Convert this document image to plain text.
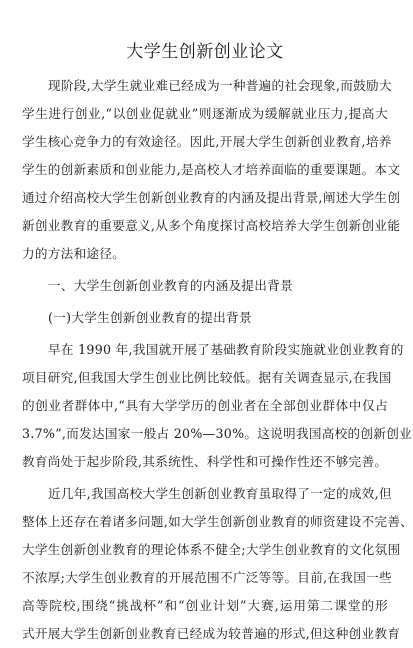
大学生创新创业论文
现阶段,大学生就业难已经成为一种普遍的社会现象,而鼓励大
学生进行创业,“以创业促就业”则逐渐成为缓解就业压力,提高大
学生核心竞争力的有效途径。因此,开展大学生创新创业教育,培养
学生的创新素质和创业能力,是高校人才培养面临的重要课题。本文
通过介绍高校大学生创新创业教育的内涵及提出背景,阐述大学生创
新创业教育的重要意义,从多个角度探讨高校培养大学生创新创业能
力的方法和途径。
一、大学生创新创业教育的内涵及提出背景
(一)大学生创新创业教育的提出背景
早在 1990 年,我国就开展了基础教育阶段实施就业创业教育的
项目研究,但我国大学生创业比例比较低。据有关调查显示,在我国
的创业者群体中,“具有大学学历的创业者在全部创业群体中仅占
3.7%”,而发达国家一般占 20%—30%。这说明我国高校的创新创业
教育尚处于起步阶段,其系统性、科学性和可操作性还不够完善。
近几年,我国高校大学生创新创业教育虽取得了一定的成效,但
整体上还存在着诸多问题,如大学生创新创业教育的师资建设不完善、
大学生创新创业教育的理论体系不健全;大学生创业教育的文化氛围
不浓厚;大学生创业教育的开展范围不广泛等等。目前,在我国一些
高等院校,围绕“挑战杯”和“创业计划”大赛,运用第二课堂的形
式开展大学生创新创业教育已经成为较普遍的形式,但这种创业教育
